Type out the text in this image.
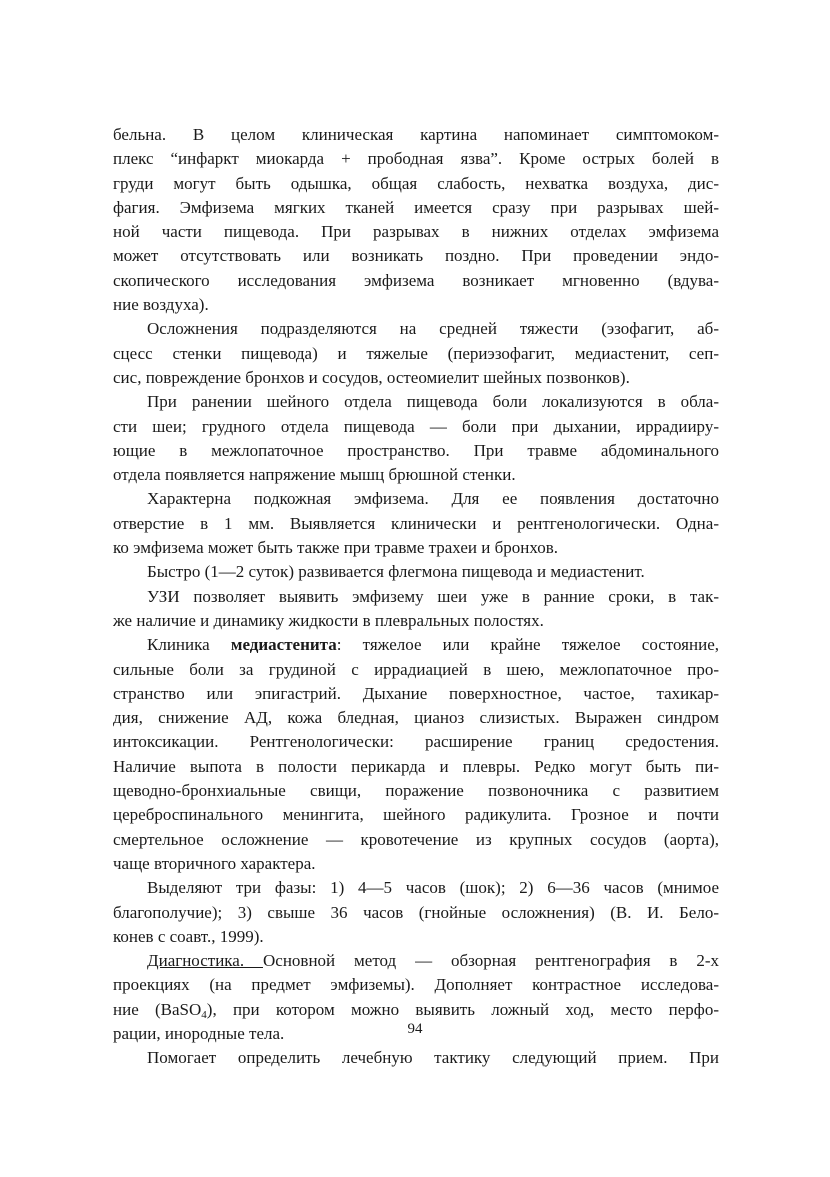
бельна. В целом клиническая картина напоминает симптомоком-
плекс “инфаркт миокарда + прободная язва”. Кроме острых болей в
груди могут быть одышка, общая слабость, нехватка воздуха, дис-
фагия. Эмфизема мягких тканей имеется сразу при разрывах шей-
ной части пищевода. При разрывах в нижних отделах эмфизема
может отсутствовать или возникать поздно. При проведении эндо-
скопического исследования эмфизема возникает мгновенно (вдува-
ние воздуха).
Осложнения подразделяются на средней тяжести (эзофагит, аб-
сцесс стенки пищевода) и тяжелые (периэзофагит, медиастенит, сеп-
сис, повреждение бронхов и сосудов, остеомиелит шейных позвонков).
При ранении шейного отдела пищевода боли локализуются в обла-
сти шеи; грудного отдела пищевода — боли при дыхании, иррадииру-
ющие в межлопаточное пространство. При травме абдоминального
отдела появляется напряжение мышц брюшной стенки.
Характерна подкожная эмфизема. Для ее появления достаточно
отверстие в 1 мм. Выявляется клинически и рентгенологически. Одна-
ко эмфизема может быть также при травме трахеи и бронхов.
Быстро (1—2 суток) развивается флегмона пищевода и медиастенит.
УЗИ позволяет выявить эмфизему шеи уже в ранние сроки, в так-
же наличие и динамику жидкости в плевральных полостях.
Клиника медиастенита: тяжелое или крайне тяжелое состояние,
сильные боли за грудиной с иррадиацией в шею, межлопаточное про-
странство или эпигастрий. Дыхание поверхностное, частое, тахикар-
дия, снижение АД, кожа бледная, цианоз слизистых. Выражен синдром
интоксикации. Рентгенологически: расширение границ средостения.
Наличие выпота в полости перикарда и плевры. Редко могут быть пи-
щеводно-бронхиальные свищи, поражение позвоночника с развитием
цереброспинального менингита, шейного радикулита. Грозное и почти
смертельное осложнение — кровотечение из крупных сосудов (аорта),
чаще вторичного характера.
Выделяют три фазы: 1) 4—5 часов (шок); 2) 6—36 часов (мнимое
благополучие); 3) свыше 36 часов (гнойные осложнения) (В. И. Бело-
конев с соавт., 1999).
Диагностика. Основной метод — обзорная рентгенография в 2-х
проекциях (на предмет эмфиземы). Дополняет контрастное исследова-
ние (BaSO$_4$), при котором можно выявить ложный ход, место перфо-
рации, инородные тела.
Помогает определить лечебную тактику следующий прием. При
94
